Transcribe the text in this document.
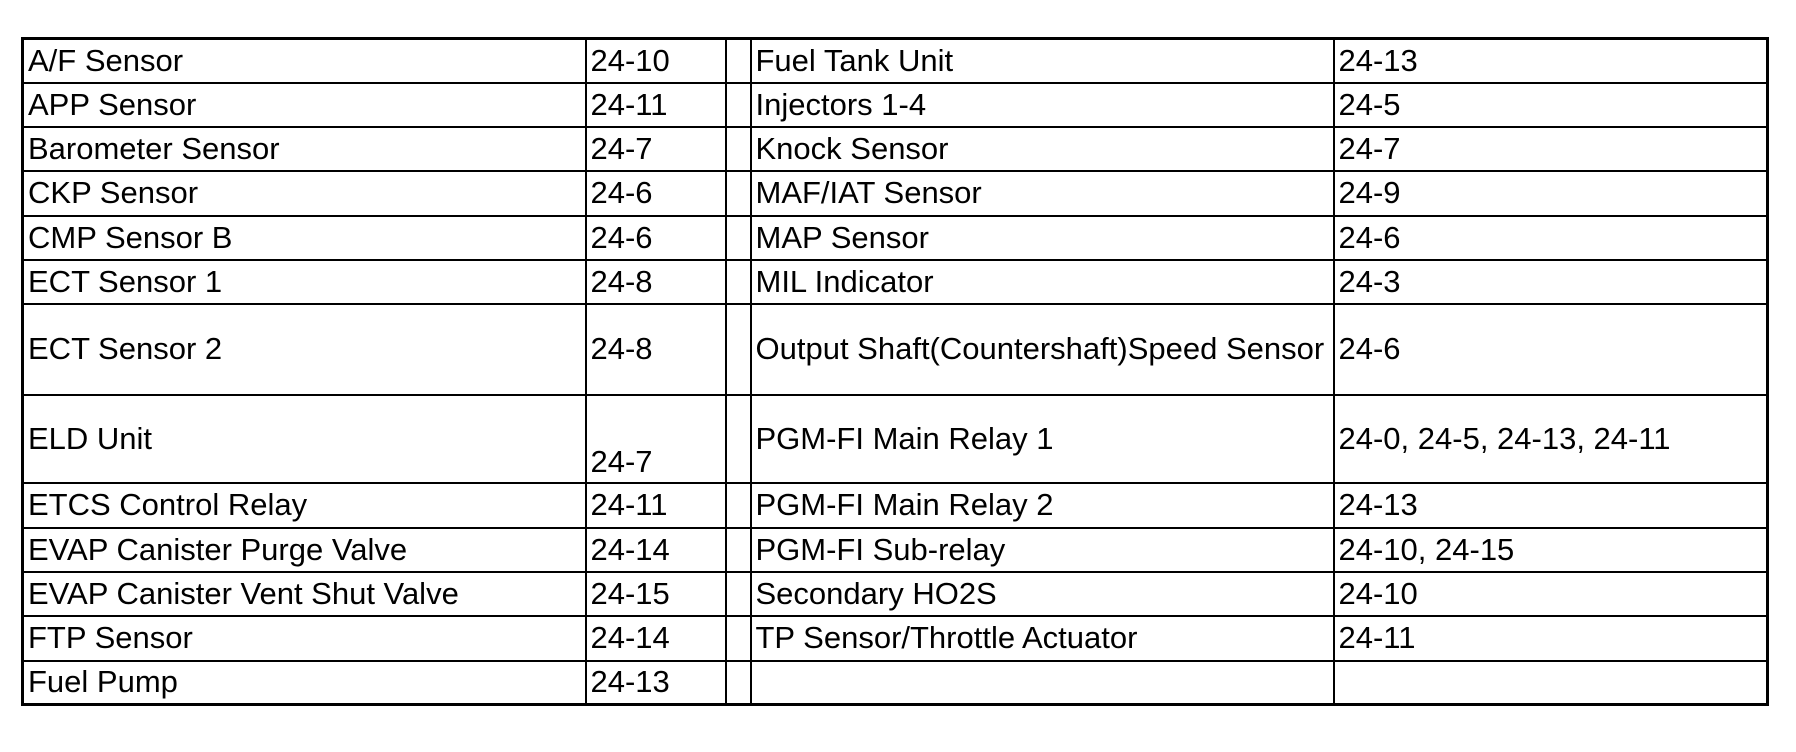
A/F Sensor	24-10		Fuel Tank Unit	24-13
APP Sensor	24-11		Injectors 1-4	24-5
Barometer Sensor	24-7		Knock Sensor	24-7
CKP Sensor	24-6		MAF/IAT Sensor	24-9
CMP Sensor B	24-6		MAP Sensor	24-6
ECT Sensor 1	24-8		MIL Indicator	24-3
ECT Sensor 2	24-8		Output Shaft(Countershaft)Speed Sensor	24-6
ELD Unit	24-7		PGM-FI Main Relay 1	24-0, 24-5, 24-13, 24-11
ETCS Control Relay	24-11		PGM-FI Main Relay 2	24-13
EVAP Canister Purge Valve	24-14		PGM-FI Sub-relay	24-10, 24-15
EVAP Canister Vent Shut Valve	24-15		Secondary HO2S	24-10
FTP Sensor	24-14		TP Sensor/Throttle Actuator	24-11
Fuel Pump	24-13			
